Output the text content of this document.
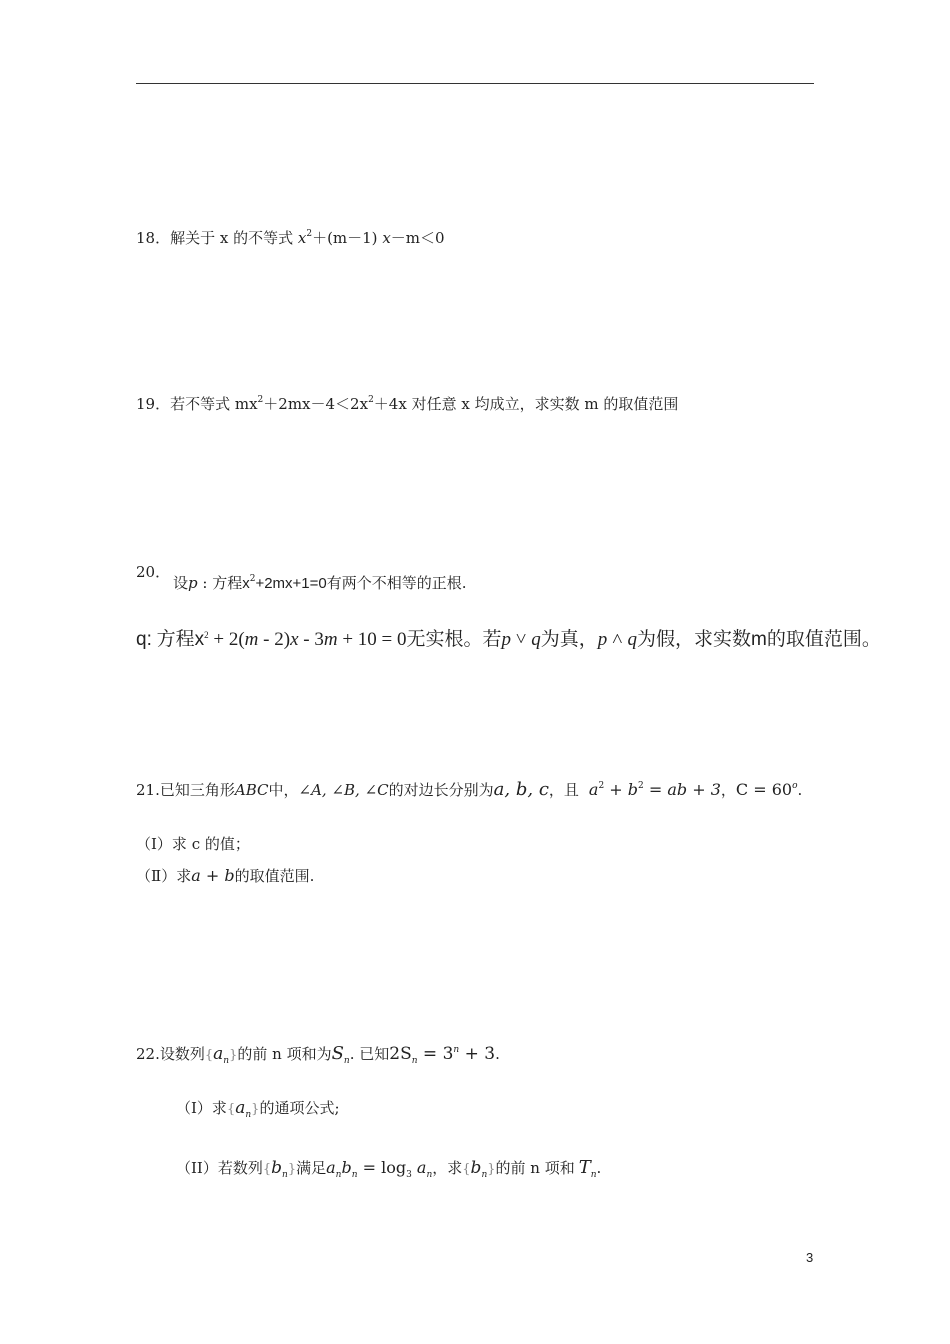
18．解关于 x 的不等式 $x^2+(m-1)$ x－m＜0
19．若不等式 $mx^2+2mx-4<2x^2+4x$ 对任意 x 均成立，求实数 m 的取值范围
20．
设p : 方程$x^2+2mx+1=0$有两个不相等的正根.
q: 方程$x^2 + 2(m - 2)x - 3m + 10 = 0$无实根。若p ˅ q为真，p ˄ q为假，求实数m的取值范围。
21.已知三角形ABC中，∠A, ∠B, ∠C的对边长分别为a, b, c，且 $a^2 + b^2$ = ab + 3，$C = 60^o$.
（Ⅰ）求 c 的值；
（Ⅱ）求a + b的取值范围.
22.设数列$\{a_n\}$的前 n 项和为$S_n$. 已知$2S_n = 3^n + 3$.
（I）求$\{a_n\}$的通项公式;
（II）若数列$\{b_n\}$满足$a_nb_n = \log_3 a_n$，求$\{b_n\}$的前 n 项和 $T_n$.
3
